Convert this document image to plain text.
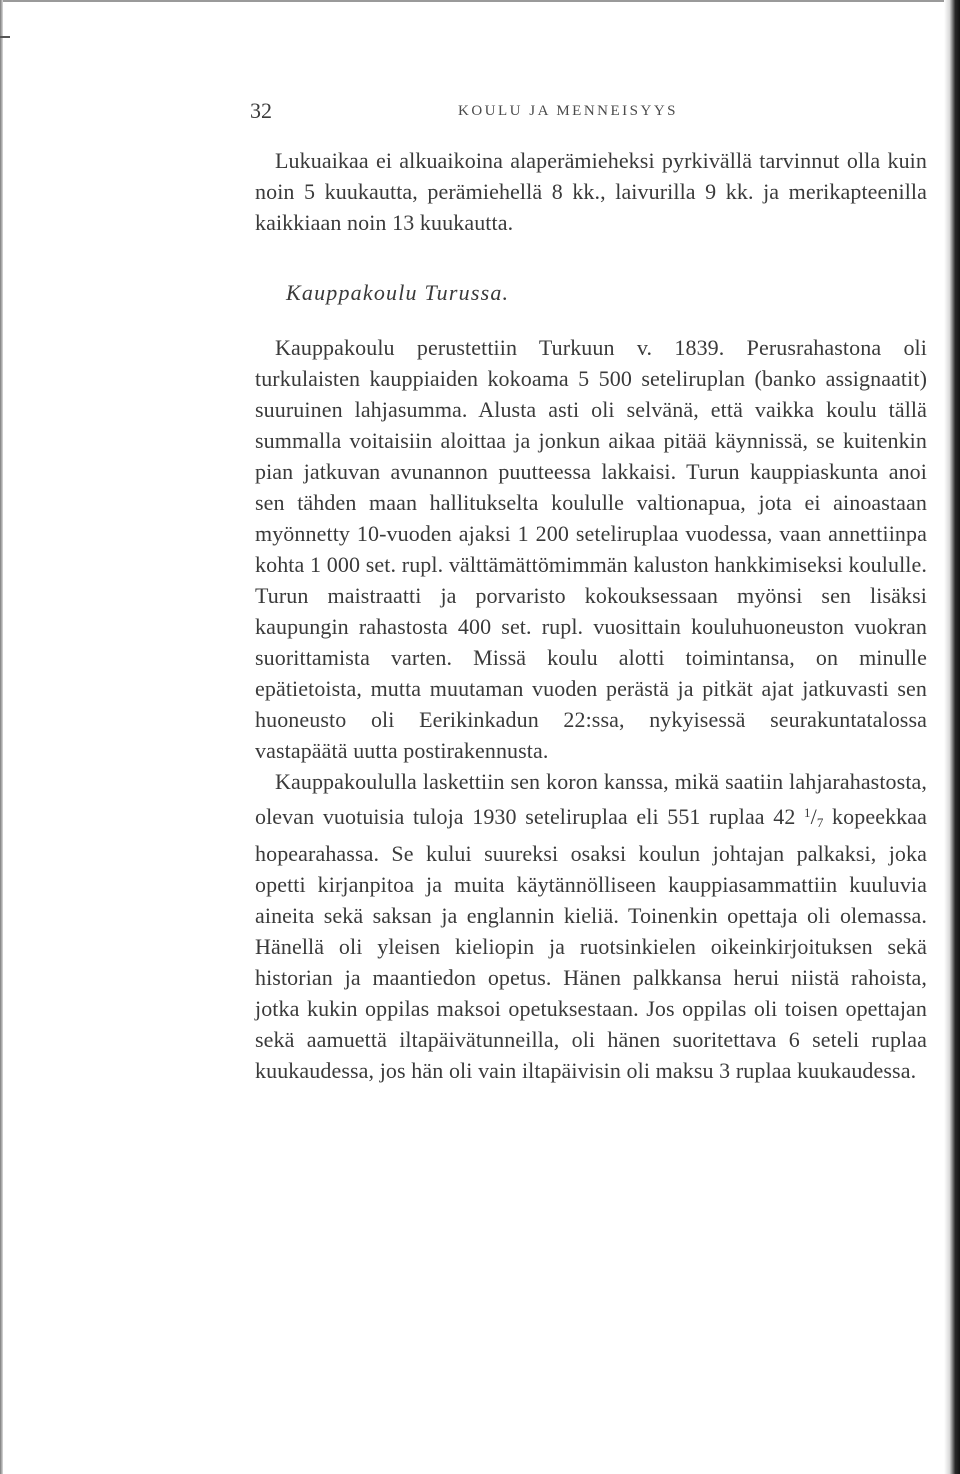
32	KOULU JA MENNEISYYS

Lukuaikaa ei alkuaikoina alaperämieheksi pyrkivällä tarvinnut olla kuin noin 5 kuukautta, perämiehellä 8 kk., laivurilla 9 kk. ja merikapteenilla kaikkiaan noin 13 kuukautta.

Kauppakoulu Turussa.

Kauppakoulu perustettiin Turkuun v. 1839. Perusrahastona oli turkulaisten kauppiaiden kokoama 5 500 seteliruplan (banko assignaatit) suuruinen lahjasumma. Alusta asti oli selvänä, että vaikka koulu tällä summalla voitaisiin aloittaa ja jonkun aikaa pitää käynnissä, se kuitenkin pian jatkuvan avunannon puutteessa lakkaisi. Turun kauppiaskunta anoi sen tähden maan hallitukselta koululle valtionapua, jota ei ainoastaan myönnetty 10-vuoden ajaksi 1 200 seteliruplaa vuodessa, vaan annettiinpa kohta 1 000 set. rupl. välttämättömimmän kaluston hankkimiseksi koululle. Turun maistraatti ja porvaristo kokouksessaan myönsi sen lisäksi kaupungin rahastosta 400 set. rupl. vuosittain kouluhuoneuston vuokran suorittamista varten. Missä koulu alotti toimintansa, on minulle epätietoista, mutta muutaman vuoden perästä ja pitkät ajat jatkuvasti sen huoneusto oli Eerikinkadun 22:ssa, nykyisessä seurakuntatalossa vastapäätä uutta postirakennusta.

Kauppakoululla laskettiin sen koron kanssa, mikä saatiin lahjarahastosta, olevan vuotuisia tuloja 1930 seteliruplaa eli 551 ruplaa 42 $^1$/7 kopeekkaa hopearahassa. Se kului suureksi osaksi koulun johtajan palkaksi, joka opetti kirjanpitoa ja muita käytännölliseen kauppiasammattiin kuuluvia aineita sekä saksan ja englannin kieliä. Toinenkin opettaja oli olemassa. Hänellä oli yleisen kieliopin ja ruotsinkielen oikeinkirjoituksen sekä historian ja maantiedon opetus. Hänen palkkansa herui niistä rahoista, jotka kukin oppilas maksoi opetuksestaan. Jos oppilas oli toisen opettajan sekä aamuettä iltapäivätunneilla, oli hänen suoritettava 6 seteli ruplaa kuukaudessa, jos hän oli vain iltapäivisin oli maksu 3 ruplaa kuukaudessa.
